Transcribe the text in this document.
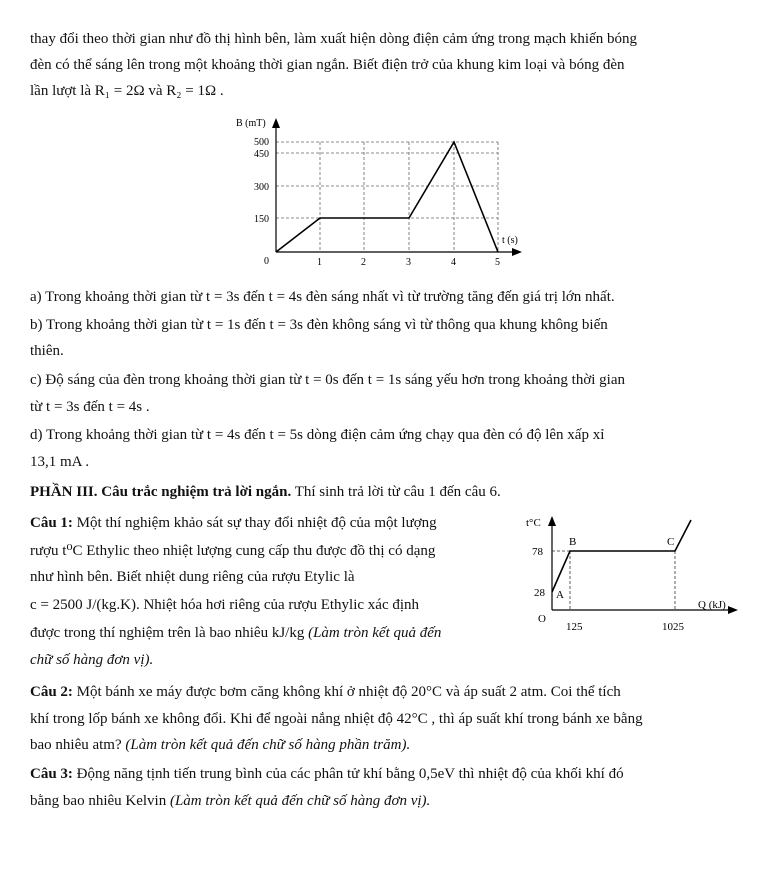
thay đổi theo thời gian như đồ thị hình bên, làm xuất hiện dòng điện cảm ứng trong mạch khiến bóng
đèn có thể sáng lên trong một khoảng thời gian ngắn. Biết điện trở của khung kim loại và bóng đèn
lần lượt là R₁ = 2Ω và R₂ = 1Ω .
B (mT)
t (s)
500
450
300
150
0	1	2	3	4	5
a) Trong khoảng thời gian từ t = 3s đến t = 4s đèn sáng nhất vì từ trường tăng đến giá trị lớn nhất.
b) Trong khoảng thời gian từ t = 1s đến t = 3s đèn không sáng vì từ thông qua khung không biến
thiên.
c) Độ sáng của đèn trong khoảng thời gian từ t = 0s đến t = 1s sáng yếu hơn trong khoảng thời gian
từ t = 3s đến t = 4s .
d) Trong khoảng thời gian từ t = 4s đến t = 5s dòng điện cảm ứng chạy qua đèn có độ lên xấp xỉ
13,1 mA .
PHẦN III. Câu trắc nghiệm trả lời ngắn. Thí sinh trả lời từ câu 1 đến câu 6.
Câu 1: Một thí nghiệm khảo sát sự thay đổi nhiệt độ của một lượng
rượu t⁰C Ethylic theo nhiệt lượng cung cấp thu được đồ thị có dạng
như hình bên. Biết nhiệt dung riêng của rượu Etylic là
c = 2500 J/(kg.K). Nhiệt hóa hơi riêng của rượu Ethylic xác định
được trong thí nghiệm trên là bao nhiêu kJ/kg (Làm tròn kết quả đến
chữ số hàng đơn vị).
t°C
Q (kJ)
78
28
O
125	1025
A
B	C
Câu 2: Một bánh xe máy được bơm căng không khí ở nhiệt độ 20°C và áp suất 2 atm. Coi thể tích
khí trong lốp bánh xe không đổi. Khi để ngoài nắng nhiệt độ 42°C , thì áp suất khí trong bánh xe bằng
bao nhiêu atm? (Làm tròn kết quả đến chữ số hàng phần trăm).
Câu 3: Động năng tịnh tiến trung bình của các phân tử khí bằng 0,5eV thì nhiệt độ của khối khí đó
bằng bao nhiêu Kelvin (Làm tròn kết quả đến chữ số hàng đơn vị).
